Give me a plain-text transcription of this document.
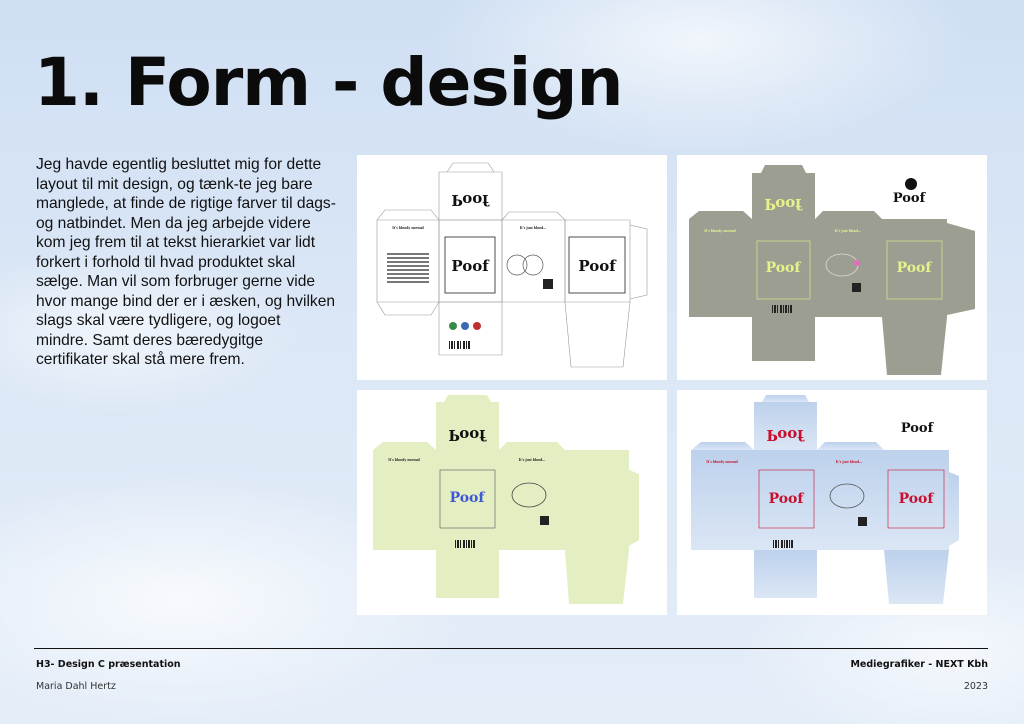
1. Form - design
Jeg havde egentlig besluttet mig for dette layout til mit design, og tænk-te jeg bare manglede, at finde de rigtige farver til dags-og natbindet. Men da jeg arbejde videre kom jeg frem til at tekst hierarkiet var lidt forkert i forhold til hvad produktet skal sælge. Man vil som forbruger gerne vide hvor mange bind der er i æsken, og hvilken slags skal være tydligere, og logoet mindre. Samt deres bæredygitge certifikater skal stå mere frem.
Poof
It's bloody normal	It's just blood...
Poof	Poof
Poof
It's bloody normal	It's just blood...
Poof	Poof
Poof
Poof
It's bloody normal	It's just blood...
Poof
Poof
It's bloody normal	It's just blood...
Poof	Poof
Poof
H3- Design C præsentation	Mediegrafiker - NEXT Kbh
Maria Dahl Hertz	2023
